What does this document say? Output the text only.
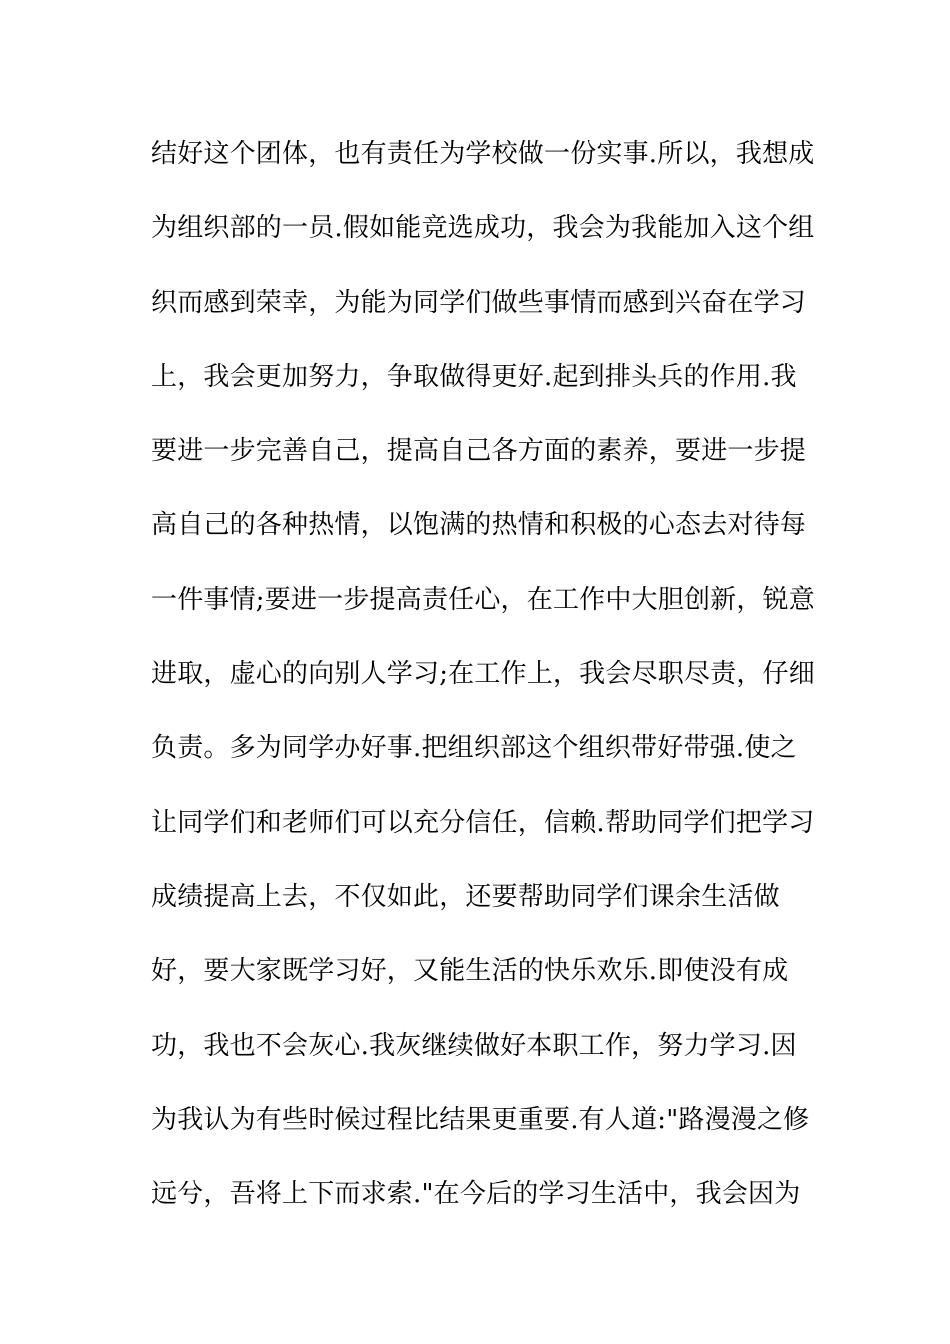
结好这个团体，也有责任为学校做一份实事.所以，我想成
为组织部的一员.假如能竞选成功，我会为我能加入这个组
织而感到荣幸，为能为同学们做些事情而感到兴奋在学习
上，我会更加努力，争取做得更好.起到排头兵的作用.我
要进一步完善自己，提高自己各方面的素养，要进一步提
高自己的各种热情，以饱满的热情和积极的心态去对待每
一件事情;要进一步提高责任心，在工作中大胆创新，锐意
进取，虚心的向别人学习;在工作上，我会尽职尽责，仔细
负责。多为同学办好事.把组织部这个组织带好带强.使之
让同学们和老师们可以充分信任，信赖.帮助同学们把学习
成绩提高上去，不仅如此，还要帮助同学们课余生活做
好，要大家既学习好，又能生活的快乐欢乐.即使没有成
功，我也不会灰心.我灰继续做好本职工作，努力学习.因
为我认为有些时候过程比结果更重要.有人道:"路漫漫之修
远兮，吾将上下而求索."在今后的学习生活中，我会因为
